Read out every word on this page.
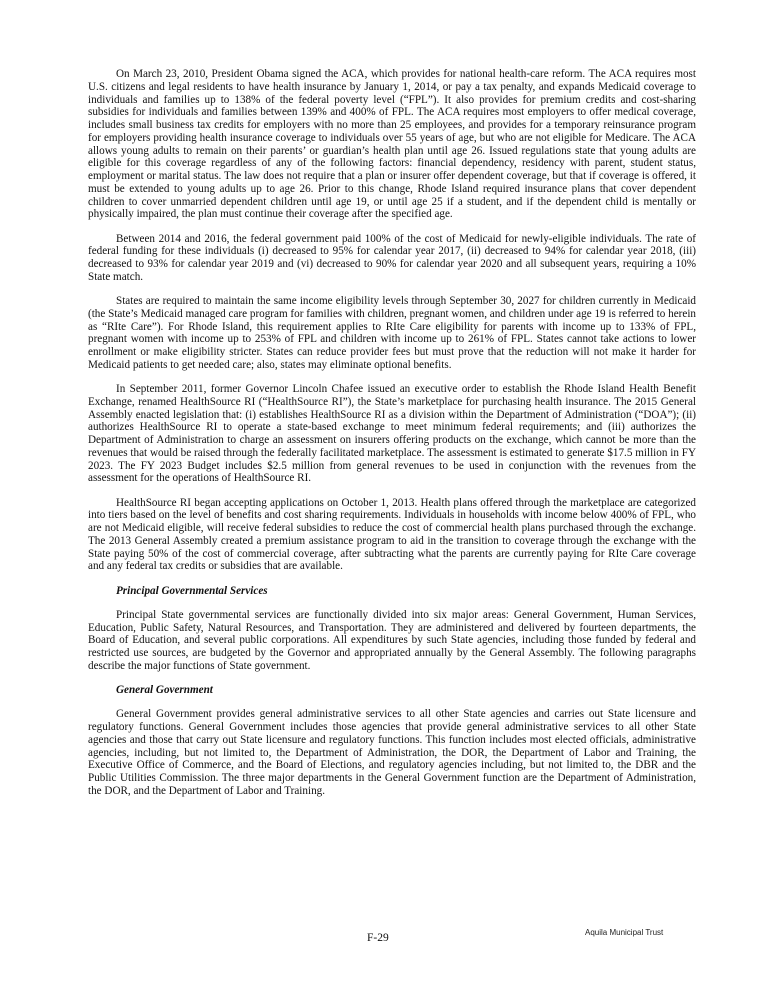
On March 23, 2010, President Obama signed the ACA, which provides for national health-care reform. The ACA requires most U.S. citizens and legal residents to have health insurance by January 1, 2014, or pay a tax penalty, and expands Medicaid coverage to individuals and families up to 138% of the federal poverty level (“FPL”). It also provides for premium credits and cost-sharing subsidies for individuals and families between 139% and 400% of FPL. The ACA requires most employers to offer medical coverage, includes small business tax credits for employers with no more than 25 employees, and provides for a temporary reinsurance program for employers providing health insurance coverage to individuals over 55 years of age, but who are not eligible for Medicare. The ACA allows young adults to remain on their parents’ or guardian’s health plan until age 26. Issued regulations state that young adults are eligible for this coverage regardless of any of the following factors: financial dependency, residency with parent, student status, employment or marital status. The law does not require that a plan or insurer offer dependent coverage, but that if coverage is offered, it must be extended to young adults up to age 26. Prior to this change, Rhode Island required insurance plans that cover dependent children to cover unmarried dependent children until age 19, or until age 25 if a student, and if the dependent child is mentally or physically impaired, the plan must continue their coverage after the specified age.

Between 2014 and 2016, the federal government paid 100% of the cost of Medicaid for newly-eligible individuals. The rate of federal funding for these individuals (i) decreased to 95% for calendar year 2017, (ii) decreased to 94% for calendar year 2018, (iii) decreased to 93% for calendar year 2019 and (vi) decreased to 90% for calendar year 2020 and all subsequent years, requiring a 10% State match.

States are required to maintain the same income eligibility levels through September 30, 2027 for children currently in Medicaid (the State’s Medicaid managed care program for families with children, pregnant women, and children under age 19 is referred to herein as “RIte Care”). For Rhode Island, this requirement applies to RIte Care eligibility for parents with income up to 133% of FPL, pregnant women with income up to 253% of FPL and children with income up to 261% of FPL. States cannot take actions to lower enrollment or make eligibility stricter. States can reduce provider fees but must prove that the reduction will not make it harder for Medicaid patients to get needed care; also, states may eliminate optional benefits.

In September 2011, former Governor Lincoln Chafee issued an executive order to establish the Rhode Island Health Benefit Exchange, renamed HealthSource RI (“HealthSource RI”), the State’s marketplace for purchasing health insurance. The 2015 General Assembly enacted legislation that: (i) establishes HealthSource RI as a division within the Department of Administration (“DOA”); (ii) authorizes HealthSource RI to operate a state-based exchange to meet minimum federal requirements; and (iii) authorizes the Department of Administration to charge an assessment on insurers offering products on the exchange, which cannot be more than the revenues that would be raised through the federally facilitated marketplace. The assessment is estimated to generate $17.5 million in FY 2023. The FY 2023 Budget includes $2.5 million from general revenues to be used in conjunction with the revenues from the assessment for the operations of HealthSource RI.

HealthSource RI began accepting applications on October 1, 2013. Health plans offered through the marketplace are categorized into tiers based on the level of benefits and cost sharing requirements. Individuals in households with income below 400% of FPL, who are not Medicaid eligible, will receive federal subsidies to reduce the cost of commercial health plans purchased through the exchange. The 2013 General Assembly created a premium assistance program to aid in the transition to coverage through the exchange with the State paying 50% of the cost of commercial coverage, after subtracting what the parents are currently paying for RIte Care coverage and any federal tax credits or subsidies that are available.

Principal Governmental Services

Principal State governmental services are functionally divided into six major areas: General Government, Human Services, Education, Public Safety, Natural Resources, and Transportation. They are administered and delivered by fourteen departments, the Board of Education, and several public corporations. All expenditures by such State agencies, including those funded by federal and restricted use sources, are budgeted by the Governor and appropriated annually by the General Assembly. The following paragraphs describe the major functions of State government.

General Government

General Government provides general administrative services to all other State agencies and carries out State licensure and regulatory functions. General Government includes those agencies that provide general administrative services to all other State agencies and those that carry out State licensure and regulatory functions. This function includes most elected officials, administrative agencies, including, but not limited to, the Department of Administration, the DOR, the Department of Labor and Training, the Executive Office of Commerce, and the Board of Elections, and regulatory agencies including, but not limited to, the DBR and the Public Utilities Commission. The three major departments in the General Government function are the Department of Administration, the DOR, and the Department of Labor and Training.

F-29	Aquila Municipal Trust
